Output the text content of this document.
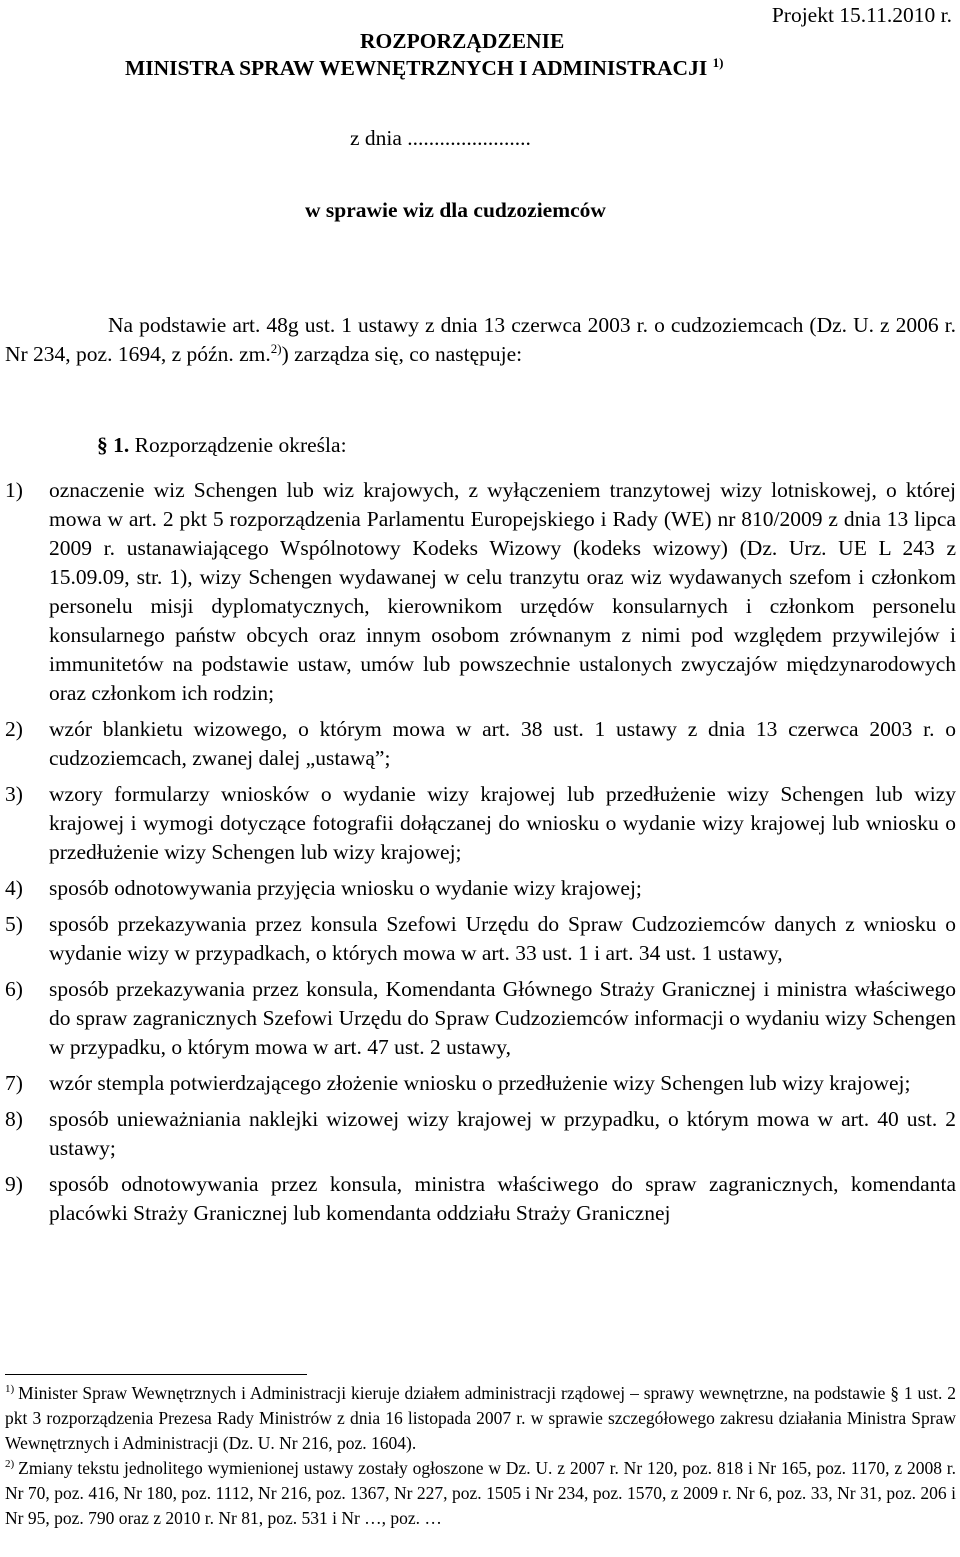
Projekt 15.11.2010 r.
ROZPORZĄDZENIE
MINISTRA SPRAW WEWNĘTRZNYCH I ADMINISTRACJI $^{1)}$
z dnia .......................
w sprawie wiz dla cudzoziemców
Na podstawie art. 48g ust. 1 ustawy z dnia 13 czerwca 2003 r. o cudzoziemcach (Dz. U. z 2006 r. Nr 234, poz. 1694, z późn. zm.$^{2)}$) zarządza się, co następuje:
§ 1. Rozporządzenie określa:
1) oznaczenie wiz Schengen lub wiz krajowych, z wyłączeniem tranzytowej wizy lotniskowej, o której mowa w art. 2 pkt 5 rozporządzenia Parlamentu Europejskiego i Rady (WE) nr 810/2009 z dnia 13 lipca 2009 r. ustanawiającego Wspólnotowy Kodeks Wizowy (kodeks wizowy) (Dz. Urz. UE L 243 z 15.09.09, str. 1), wizy Schengen wydawanej w celu tranzytu oraz wiz wydawanych szefom i członkom personelu misji dyplomatycznych, kierownikom urzędów konsularnych i członkom personelu konsularnego państw obcych oraz innym osobom zrównanym z nimi pod względem przywilejów i immunitetów na podstawie ustaw, umów lub powszechnie ustalonych zwyczajów międzynarodowych oraz członkom ich rodzin;
2) wzór blankietu wizowego, o którym mowa w art. 38 ust. 1 ustawy z dnia 13 czerwca 2003 r. o cudzoziemcach, zwanej dalej „ustawą”;
3) wzory formularzy wniosków o wydanie wizy krajowej lub przedłużenie wizy Schengen lub wizy krajowej i wymogi dotyczące fotografii dołączanej do wniosku o wydanie wizy krajowej lub wniosku o przedłużenie wizy Schengen lub wizy krajowej;
4) sposób odnotowywania przyjęcia wniosku o wydanie wizy krajowej;
5) sposób przekazywania przez konsula Szefowi Urzędu do Spraw Cudzoziemców danych z wniosku o wydanie wizy w przypadkach, o których mowa w art. 33 ust. 1 i art. 34 ust. 1 ustawy,
6) sposób przekazywania przez konsula, Komendanta Głównego Straży Granicznej i ministra właściwego do spraw zagranicznych Szefowi Urzędu do Spraw Cudzoziemców informacji o wydaniu wizy Schengen w przypadku, o którym mowa w art. 47 ust. 2 ustawy,
7) wzór stempla potwierdzającego złożenie wniosku o przedłużenie wizy Schengen lub wizy krajowej;
8) sposób unieważniania naklejki wizowej wizy krajowej w przypadku, o którym mowa w art. 40 ust. 2 ustawy;
9) sposób odnotowywania przez konsula, ministra właściwego do spraw zagranicznych, komendanta placówki Straży Granicznej lub komendanta oddziału Straży Granicznej

$^{1)}$ Minister Spraw Wewnętrznych i Administracji kieruje działem administracji rządowej – sprawy wewnętrzne, na podstawie § 1 ust. 2 pkt 3 rozporządzenia Prezesa Rady Ministrów z dnia 16 listopada 2007 r. w sprawie szczegółowego zakresu działania Ministra Spraw Wewnętrznych i Administracji (Dz. U. Nr 216, poz. 1604).

$^{2)}$ Zmiany tekstu jednolitego wymienionej ustawy zostały ogłoszone w Dz. U. z 2007 r. Nr 120, poz. 818 i Nr 165, poz. 1170, z 2008 r. Nr 70, poz. 416, Nr 180, poz. 1112, Nr 216, poz. 1367, Nr 227, poz. 1505 i Nr 234, poz. 1570, z 2009 r. Nr 6, poz. 33, Nr 31, poz. 206 i Nr 95, poz. 790 oraz z 2010 r. Nr 81, poz. 531 i Nr …, poz. …
